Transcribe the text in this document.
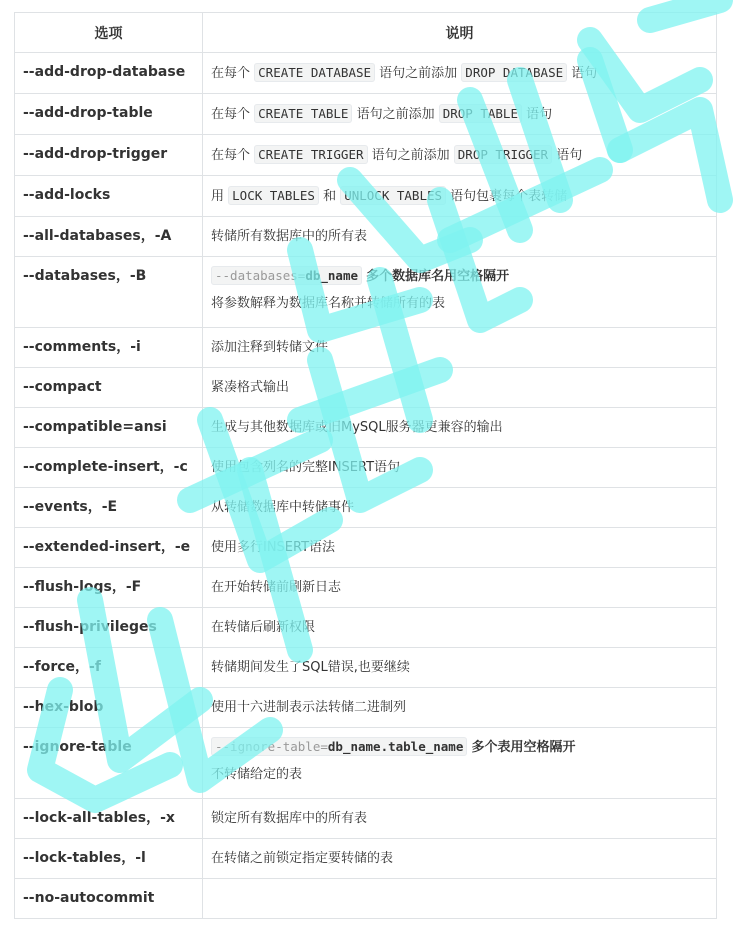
选项	说明
--add-drop-database	在每个 CREATE DATABASE 语句之前添加 DROP DATABASE 语句
--add-drop-table	在每个 CREATE TABLE 语句之前添加 DROP TABLE 语句
--add-drop-trigger	在每个 CREATE TRIGGER 语句之前添加 DROP TRIGGER 语句
--add-locks	用 LOCK TABLES 和 UNLOCK TABLES 语句包裹每个表转储
--all-databases，-A	转储所有数据库中的所有表
--databases，-B	--databases=db_name 多个数据库名用空格隔开
将参数解释为数据库名称并转储所有的表

--comments，-i	添加注释到转储文件
--compact	紧凑格式输出
--compatible=ansi	生成与其他数据库或旧MySQL服务器更兼容的输出
--complete-insert，-c	使用包含列名的完整INSERT语句
--events，-E	从转储数据库中转储事件
--extended-insert，-e	使用多行INSERT语法
--flush-logs，-F	在开始转储前刷新日志
--flush-privileges	在转储后刷新权限
--force，-f	转储期间发生了SQL错误,也要继续
--hex-blob	使用十六进制表示法转储二进制列
--ignore-table	--ignore-table=db_name.table_name 多个表用空格隔开
不转储给定的表

--lock-all-tables，-x	锁定所有数据库中的所有表
--lock-tables，-l	在转储之前锁定指定要转储的表
--no-autocommit	
